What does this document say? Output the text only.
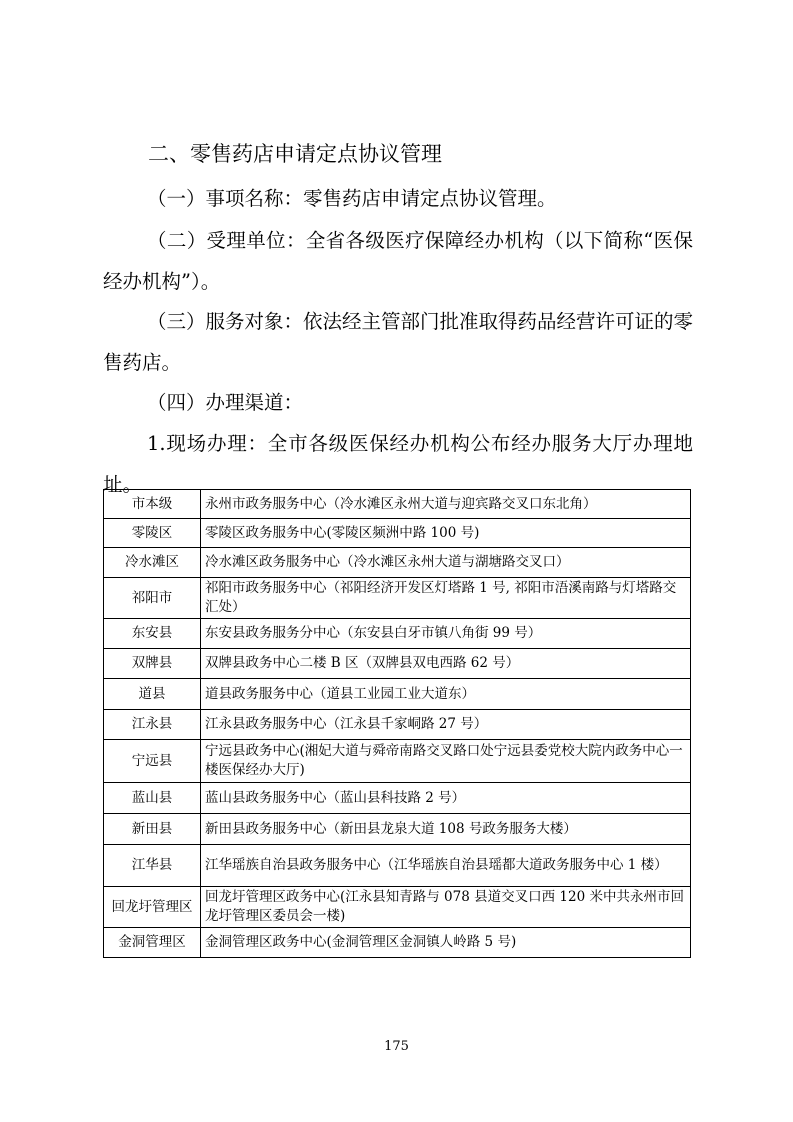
二、零售药店申请定点协议管理
（一）事项名称：零售药店申请定点协议管理。
（二）受理单位：全省各级医疗保障经办机构（以下简称“医保经办机构”）。
（三）服务对象：依法经主管部门批准取得药品经营许可证的零售药店。
（四）办理渠道：
1.现场办理：全市各级医保经办机构公布经办服务大厅办理地址。
市本级	永州市政务服务中心（冷水滩区永州大道与迎宾路交叉口东北角）
零陵区	零陵区政务服务中心(零陵区频洲中路 100 号)
冷水滩区	冷水滩区政务服务中心（冷水滩区永州大道与湖塘路交叉口）
祁阳市	祁阳市政务服务中心（祁阳经济开发区灯塔路 1 号, 祁阳市浯溪南路与灯塔路交汇处）
东安县	东安县政务服务分中心（东安县白牙市镇八角街 99 号）
双牌县	双牌县政务中心二楼 B 区（双牌县双电西路 62 号）
道县	道县政务服务中心（道县工业园工业大道东）
江永县	江永县政务服务中心（江永县千家峒路 27 号）
宁远县	宁远县政务中心(湘妃大道与舜帝南路交叉路口处宁远县委党校大院内政务中心一楼医保经办大厅)
蓝山县	蓝山县政务服务中心（蓝山县科技路 2 号）
新田县	新田县政务服务中心（新田县龙泉大道 108 号政务服务大楼）
江华县	江华瑶族自治县政务服务中心（江华瑶族自治县瑶都大道政务服务中心 1 楼）
回龙圩管理区	回龙圩管理区政务中心(江永县知青路与 078 县道交叉口西 120 米中共永州市回龙圩管理区委员会一楼)
金洞管理区	金洞管理区政务中心(金洞管理区金洞镇人岭路 5 号)
175
